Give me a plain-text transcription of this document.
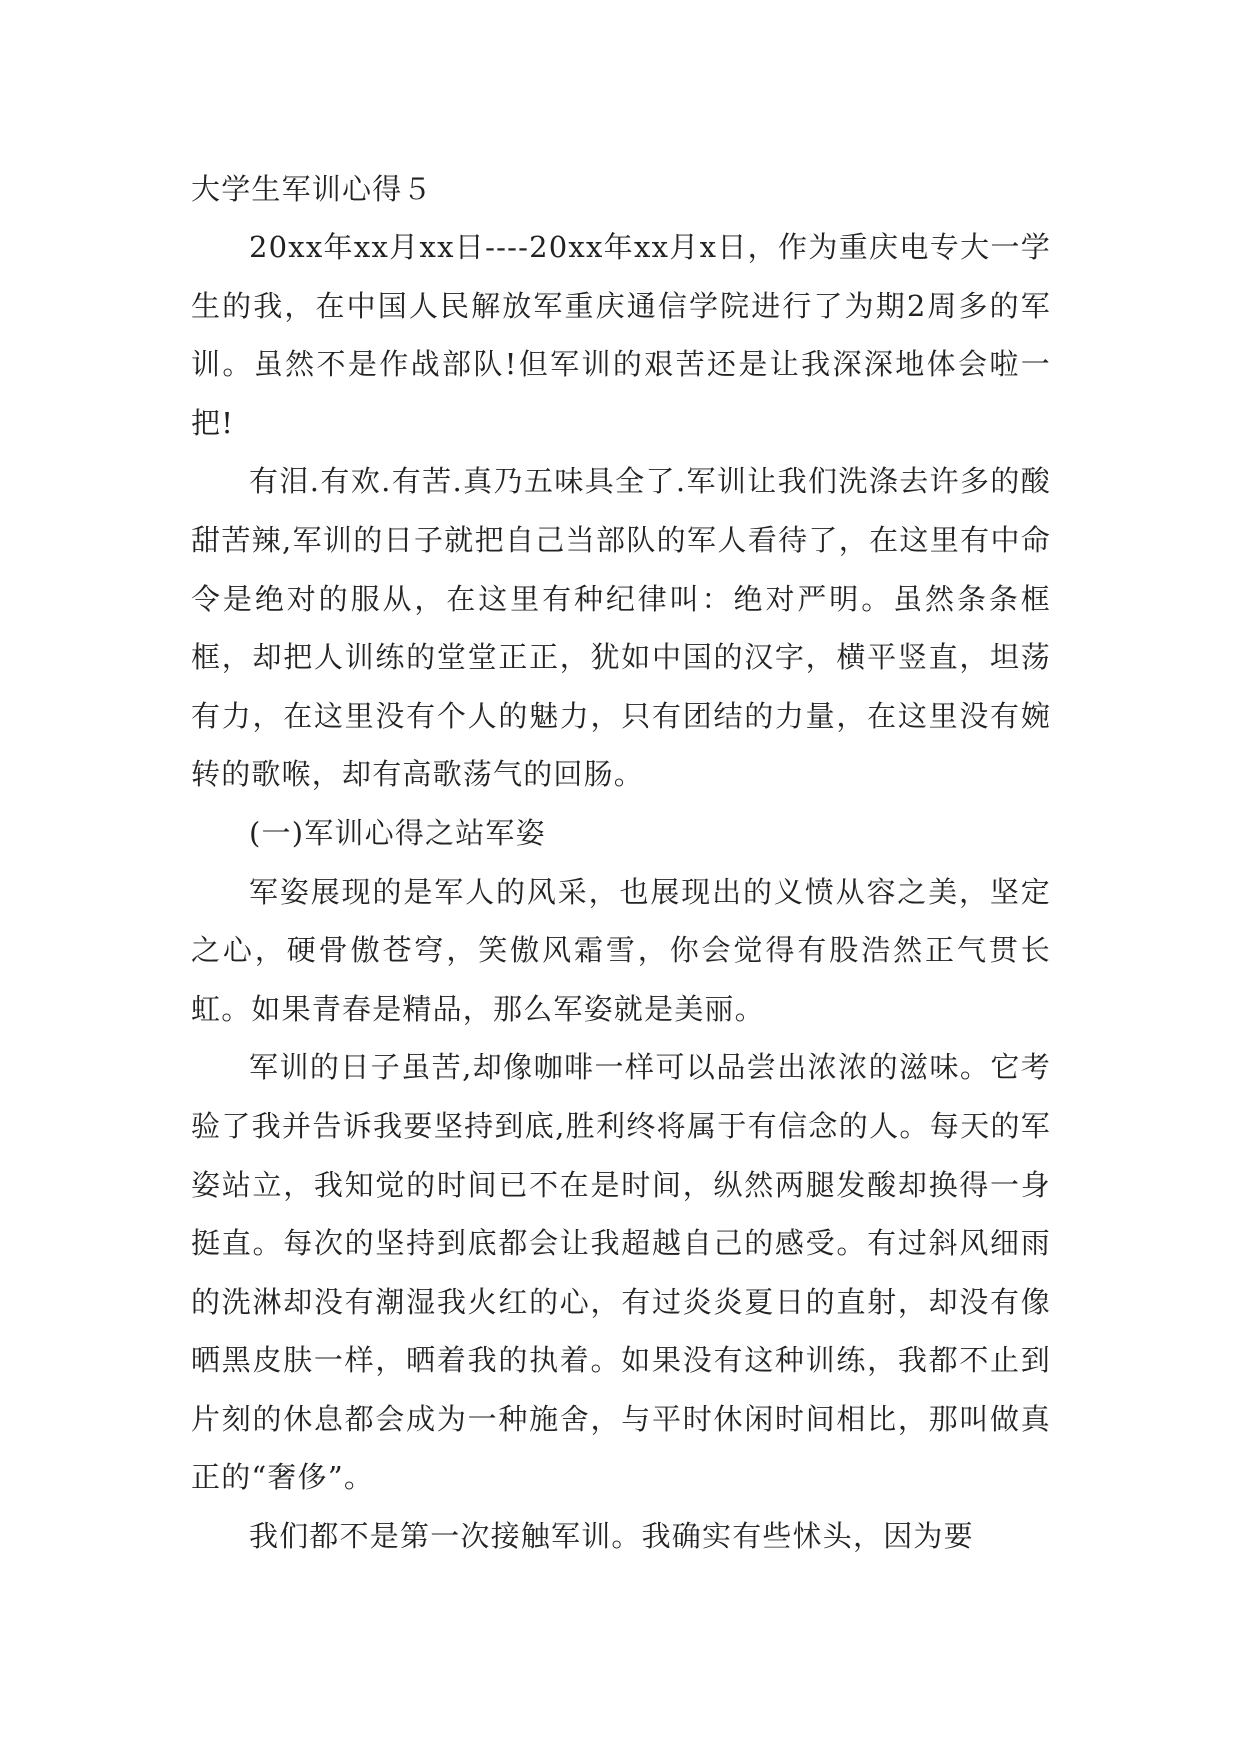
大学生军训心得５

20xx年xx月xx日----20xx年xx月x日，作为重庆电专大一学生的我，在中国人民解放军重庆通信学院进行了为期2周多的军训。虽然不是作战部队!但军训的艰苦还是让我深深地体会啦一把!

有泪.有欢.有苦.真乃五味具全了.军训让我们洗涤去许多的酸甜苦辣,军训的日子就把自己当部队的军人看待了，在这里有中命令是绝对的服从，在这里有种纪律叫：绝对严明。虽然条条框框，却把人训练的堂堂正正，犹如中国的汉字，横平竖直，坦荡有力，在这里没有个人的魅力，只有团结的力量，在这里没有婉转的歌喉，却有高歌荡气的回肠。

(一)军训心得之站军姿

军姿展现的是军人的风采，也展现出的义愤从容之美，坚定之心，硬骨傲苍穹，笑傲风霜雪，你会觉得有股浩然正气贯长虹。如果青春是精品，那么军姿就是美丽。

军训的日子虽苦,却像咖啡一样可以品尝出浓浓的滋味。它考验了我并告诉我要坚持到底,胜利终将属于有信念的人。每天的军姿站立，我知觉的时间已不在是时间，纵然两腿发酸却换得一身挺直。每次的坚持到底都会让我超越自己的感受。有过斜风细雨的洗淋却没有潮湿我火红的心，有过炎炎夏日的直射，却没有像晒黑皮肤一样，晒着我的执着。如果没有这种训练，我都不止到片刻的休息都会成为一种施舍，与平时休闲时间相比，那叫做真正的“奢侈”。

我们都不是第一次接触军训。我确实有些怵头，因为要
